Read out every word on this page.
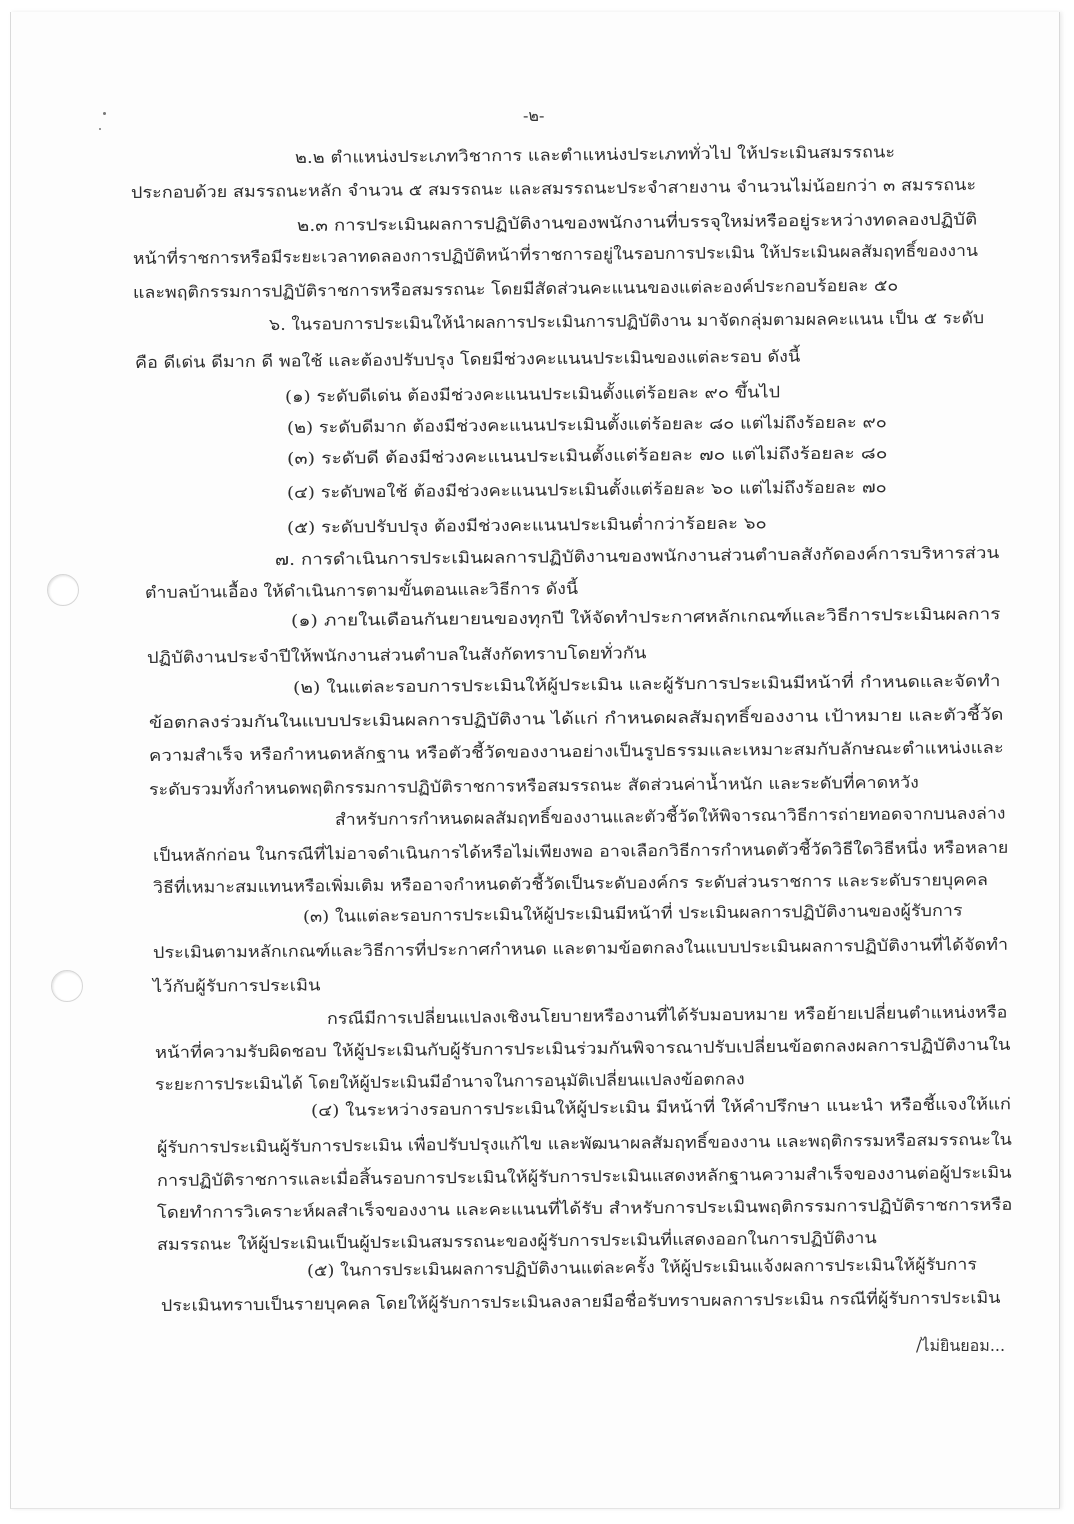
-๒-
๒.๒ ตำแหน่งประเภทวิชาการ และตำแหน่งประเภททั่วไป ให้ประเมินสมรรถนะ
ประกอบด้วย สมรรถนะหลัก จำนวน ๕ สมรรถนะ และสมรรถนะประจำสายงาน จำนวนไม่น้อยกว่า ๓ สมรรถนะ
๒.๓ การประเมินผลการปฏิบัติงานของพนักงานที่บรรจุใหม่หรืออยู่ระหว่างทดลองปฏิบัติ
หน้าที่ราชการหรือมีระยะเวลาทดลองการปฏิบัติหน้าที่ราชการอยู่ในรอบการประเมิน ให้ประเมินผลสัมฤทธิ์ของงาน
และพฤติกรรมการปฏิบัติราชการหรือสมรรถนะ โดยมีสัดส่วนคะแนนของแต่ละองค์ประกอบร้อยละ ๕๐
๖. ในรอบการประเมินให้นำผลการประเมินการปฏิบัติงาน มาจัดกลุ่มตามผลคะแนน เป็น ๕ ระดับ
คือ ดีเด่น ดีมาก ดี พอใช้ และต้องปรับปรุง โดยมีช่วงคะแนนประเมินของแต่ละรอบ ดังนี้
(๑) ระดับดีเด่น ต้องมีช่วงคะแนนประเมินตั้งแต่ร้อยละ ๙๐ ขึ้นไป
(๒) ระดับดีมาก ต้องมีช่วงคะแนนประเมินตั้งแต่ร้อยละ ๘๐ แต่ไม่ถึงร้อยละ ๙๐
(๓) ระดับดี ต้องมีช่วงคะแนนประเมินตั้งแต่ร้อยละ ๗๐ แต่ไม่ถึงร้อยละ ๘๐
(๔) ระดับพอใช้ ต้องมีช่วงคะแนนประเมินตั้งแต่ร้อยละ ๖๐ แต่ไม่ถึงร้อยละ ๗๐
(๕) ระดับปรับปรุง ต้องมีช่วงคะแนนประเมินต่ำกว่าร้อยละ ๖๐
๗. การดำเนินการประเมินผลการปฏิบัติงานของพนักงานส่วนตำบลสังกัดองค์การบริหารส่วน
ตำบลบ้านเอื้อง ให้ดำเนินการตามขั้นตอนและวิธีการ ดังนี้
(๑) ภายในเดือนกันยายนของทุกปี ให้จัดทำประกาศหลักเกณฑ์และวิธีการประเมินผลการ
ปฏิบัติงานประจำปีให้พนักงานส่วนตำบลในสังกัดทราบโดยทั่วกัน
(๒) ในแต่ละรอบการประเมินให้ผู้ประเมิน และผู้รับการประเมินมีหน้าที่ กำหนดและจัดทำ
ข้อตกลงร่วมกันในแบบประเมินผลการปฏิบัติงาน ได้แก่ กำหนดผลสัมฤทธิ์ของงาน เป้าหมาย และตัวชี้วัด
ความสำเร็จ หรือกำหนดหลักฐาน หรือตัวชี้วัดของงานอย่างเป็นรูปธรรมและเหมาะสมกับลักษณะตำแหน่งและ
ระดับรวมทั้งกำหนดพฤติกรรมการปฏิบัติราชการหรือสมรรถนะ สัดส่วนค่าน้ำหนัก และระดับที่คาดหวัง
สำหรับการกำหนดผลสัมฤทธิ์ของงานและตัวชี้วัดให้พิจารณาวิธีการถ่ายทอดจากบนลงล่าง
เป็นหลักก่อน ในกรณีที่ไม่อาจดำเนินการได้หรือไม่เพียงพอ อาจเลือกวิธีการกำหนดตัวชี้วัดวิธีใดวิธีหนึ่ง หรือหลาย
วิธีที่เหมาะสมแทนหรือเพิ่มเติม หรืออาจกำหนดตัวชี้วัดเป็นระดับองค์กร ระดับส่วนราชการ และระดับรายบุคคล
(๓) ในแต่ละรอบการประเมินให้ผู้ประเมินมีหน้าที่ ประเมินผลการปฏิบัติงานของผู้รับการ
ประเมินตามหลักเกณฑ์และวิธีการที่ประกาศกำหนด และตามข้อตกลงในแบบประเมินผลการปฏิบัติงานที่ได้จัดทำ
ไว้กับผู้รับการประเมิน
กรณีมีการเปลี่ยนแปลงเชิงนโยบายหรืองานที่ได้รับมอบหมาย หรือย้ายเปลี่ยนตำแหน่งหรือ
หน้าที่ความรับผิดชอบ ให้ผู้ประเมินกับผู้รับการประเมินร่วมกันพิจารณาปรับเปลี่ยนข้อตกลงผลการปฏิบัติงานใน
ระยะการประเมินได้ โดยให้ผู้ประเมินมีอำนาจในการอนุมัติเปลี่ยนแปลงข้อตกลง
(๔) ในระหว่างรอบการประเมินให้ผู้ประเมิน มีหน้าที่ ให้คำปรึกษา แนะนำ หรือชี้แจงให้แก่
ผู้รับการประเมินผู้รับการประเมิน เพื่อปรับปรุงแก้ไข และพัฒนาผลสัมฤทธิ์ของงาน และพฤติกรรมหรือสมรรถนะใน
การปฏิบัติราชการและเมื่อสิ้นรอบการประเมินให้ผู้รับการประเมินแสดงหลักฐานความสำเร็จของงานต่อผู้ประเมิน
โดยทำการวิเคราะห์ผลสำเร็จของงาน และคะแนนที่ได้รับ สำหรับการประเมินพฤติกรรมการปฏิบัติราชการหรือ
สมรรถนะ ให้ผู้ประเมินเป็นผู้ประเมินสมรรถนะของผู้รับการประเมินที่แสดงออกในการปฏิบัติงาน
(๕) ในการประเมินผลการปฏิบัติงานแต่ละครั้ง ให้ผู้ประเมินแจ้งผลการประเมินให้ผู้รับการ
ประเมินทราบเป็นรายบุคคล โดยให้ผู้รับการประเมินลงลายมือชื่อรับทราบผลการประเมิน กรณีที่ผู้รับการประเมิน
/ไม่ยินยอม...
